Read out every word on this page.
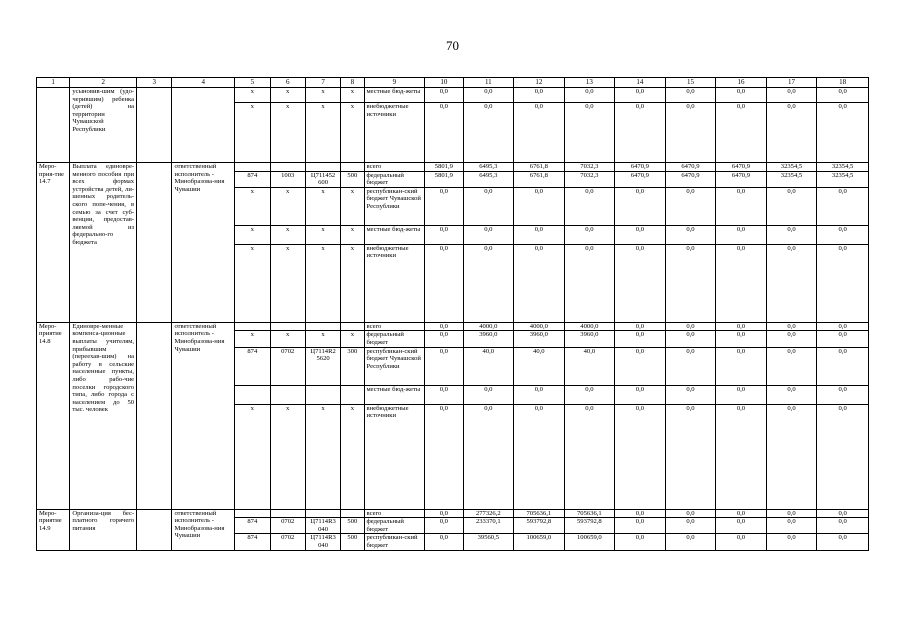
70
1	2	3	4	5	6	7	8	9	10	11	12	13	14	15	16	17	18
	усыновив-шим (удо-черившим) ребенка (детей) на территории Чувашской Республики			x	x	x	x	местные бюд-жеты	0,0	0,0	0,0	0,0	0,0	0,0	0,0	0,0	0,0
				x	x	x	x	внебюджетные источники	0,0	0,0	0,0	0,0	0,0	0,0	0,0	0,0	0,0
Меро-прия-тие 14.7	Выплата единовре-менного пособия при всех формах устройства детей, ли-шенных родитель-ского попе-чения, в семью за счет суб-венции, предостав-ляемой из федерально-го бюджета		ответственный исполнитель - Минобразова-ния Чувашии					всего	5801,9	6495,3	6761,8	7032,3	6470,9	6470,9	6470,9	32354,5	32354,5
				874	1003	Ц711452 600	500	федеральный бюджет	5801,9	6495,3	6761,8	7032,3	6470,9	6470,9	6470,9	32354,5	32354,5
				x	x	x	x	республикан-ский бюджет Чувашской Республики	0,0	0,0	0,0	0,0	0,0	0,0	0,0	0,0	0,0
				x	x	x	x	местные бюд-жеты	0,0	0,0	0,0	0,0	0,0	0,0	0,0	0,0	0,0
				x	x	x	x	внебюджетные источники	0,0	0,0	0,0	0,0	0,0	0,0	0,0	0,0	0,0
Меро-приятие 14.8	Единовре-менные компенса-ционные выплаты учителям, прибывшим (переехав-шим) на работу в сельские населенные пункты, либо рабо-чие поселки городского типа, либо города с населением до 50 тыс. человек		ответственный исполнитель - Минобразова-ния Чувашии					всего	0,0	4000,0	4000,0	4000,0	0,0	0,0	0,0	0,0	0,0
				x	x	x	x	федеральный бюджет	0,0	3960,0	3960,0	3960,0	0,0	0,0	0,0	0,0	0,0
				874	0702	Ц7114R2 5620	300	республикан-ский бюджет Чувашской Республики	0,0	40,0	40,0	40,0	0,0	0,0	0,0	0,0	0,0
								местные бюд-жеты	0,0	0,0	0,0	0,0	0,0	0,0	0,0	0,0	0,0
				x	x	x	x	внебюджетные источники	0,0	0,0	0,0	0,0	0,0	0,0	0,0	0,0	0,0
Меро-приятие 14.9	Организа-ция бес-платного горячего питания		ответственный исполнитель - Минобразова-ния Чувашии					всего	0,0	277326,2	705636,1	705636,1	0,0	0,0	0,0	0,0	0,0
				874	0702	Ц7114R3 040	500	федеральный бюджет	0,0	233370,1	593792,8	593792,8	0,0	0,0	0,0	0,0	0,0
				874	0702	Ц7114R3 040	500	республикан-ский бюджет	0,0	39560,5	100659,0	100659,0	0,0	0,0	0,0	0,0	0,0
